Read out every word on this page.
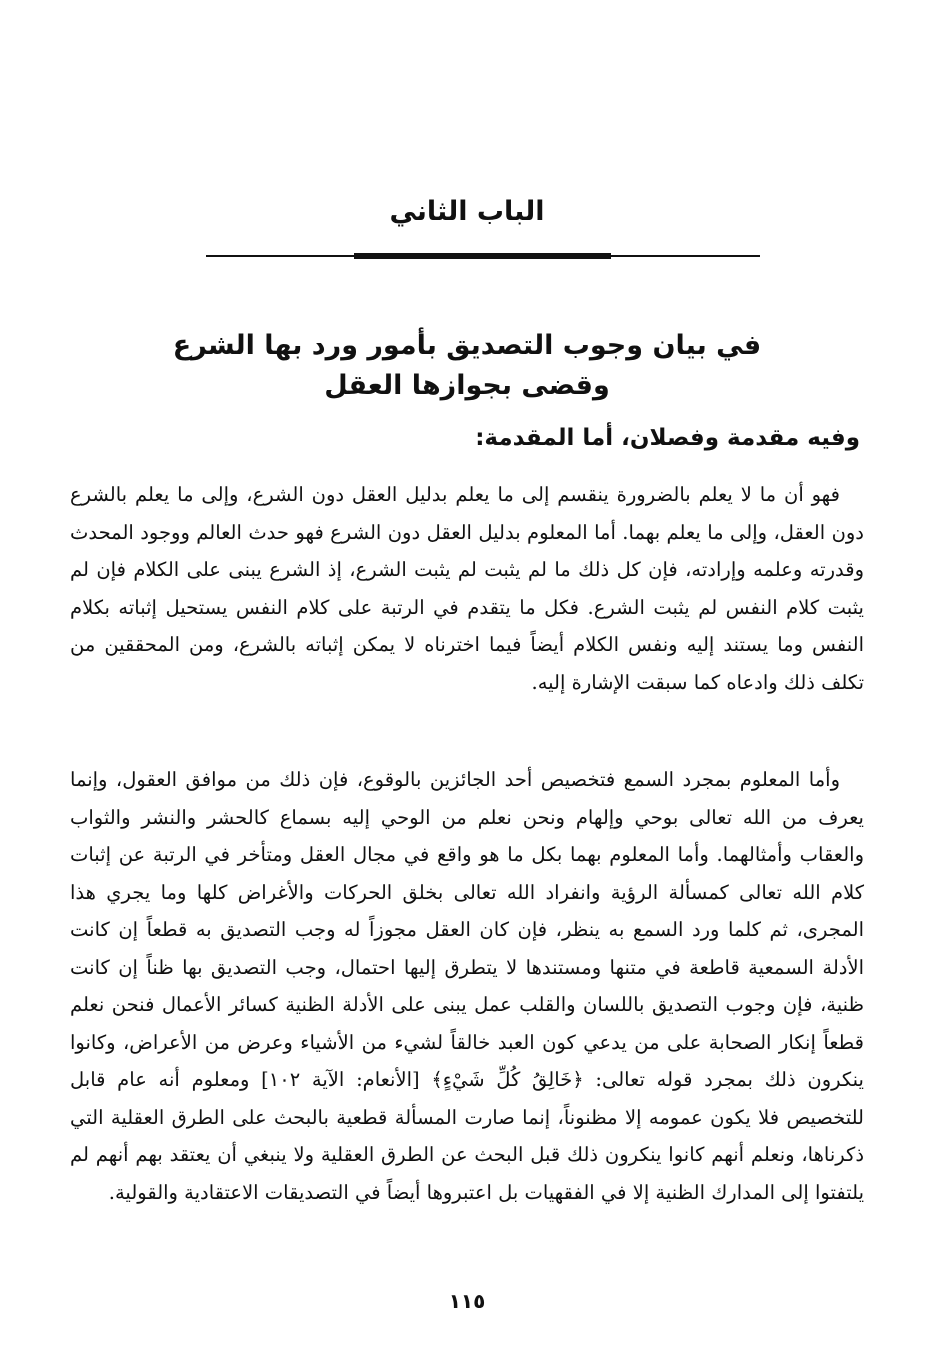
الباب الثاني
في بيان وجوب التصديق بأمور ورد بها الشرع
وقضى بجوازها العقل
وفيه مقدمة وفصلان، أما المقدمة:

فهو أن ما لا يعلم بالضرورة ينقسم إلى ما يعلم بدليل العقل دون الشرع، وإلى ما يعلم بالشرع دون العقل، وإلى ما يعلم بهما. أما المعلوم بدليل العقل دون الشرع فهو حدث العالم ووجود المحدث وقدرته وعلمه وإرادته، فإن كل ذلك ما لم يثبت لم يثبت الشرع، إذ الشرع يبنى على الكلام فإن لم يثبت كلام النفس لم يثبت الشرع. فكل ما يتقدم في الرتبة على كلام النفس يستحيل إثباته بكلام النفس وما يستند إليه ونفس الكلام أيضاً فيما اخترناه لا يمكن إثباته بالشرع، ومن المحققين من تكلف ذلك وادعاه كما سبقت الإشارة إليه.

وأما المعلوم بمجرد السمع فتخصيص أحد الجائزين بالوقوع، فإن ذلك من موافق العقول، وإنما يعرف من الله تعالى بوحي وإلهام ونحن نعلم من الوحي إليه بسماع كالحشر والنشر والثواب والعقاب وأمثالهما. وأما المعلوم بهما بكل ما هو واقع في مجال العقل ومتأخر في الرتبة عن إثبات كلام الله تعالى كمسألة الرؤية وانفراد الله تعالى بخلق الحركات والأغراض كلها وما يجري هذا المجرى، ثم كلما ورد السمع به ينظر، فإن كان العقل مجوزاً له وجب التصديق به قطعاً إن كانت الأدلة السمعية قاطعة في متنها ومستندها لا يتطرق إليها احتمال، وجب التصديق بها ظناً إن كانت ظنية، فإن وجوب التصديق باللسان والقلب عمل يبنى على الأدلة الظنية كسائر الأعمال فنحن نعلم قطعاً إنكار الصحابة على من يدعي كون العبد خالقاً لشيء من الأشياء وعرض من الأعراض، وكانوا ينكرون ذلك بمجرد قوله تعالى: ﴿خَالِقُ كُلِّ شَيْءٍ﴾ [الأنعام: الآية ١٠٢] ومعلوم أنه عام قابل للتخصيص فلا يكون عمومه إلا مظنوناً، إنما صارت المسألة قطعية بالبحث على الطرق العقلية التي ذكرناها، ونعلم أنهم كانوا ينكرون ذلك قبل البحث عن الطرق العقلية ولا ينبغي أن يعتقد بهم أنهم لم يلتفتوا إلى المدارك الظنية إلا في الفقهيات بل اعتبروها أيضاً في التصديقات الاعتقادية والقولية.

١١٥
